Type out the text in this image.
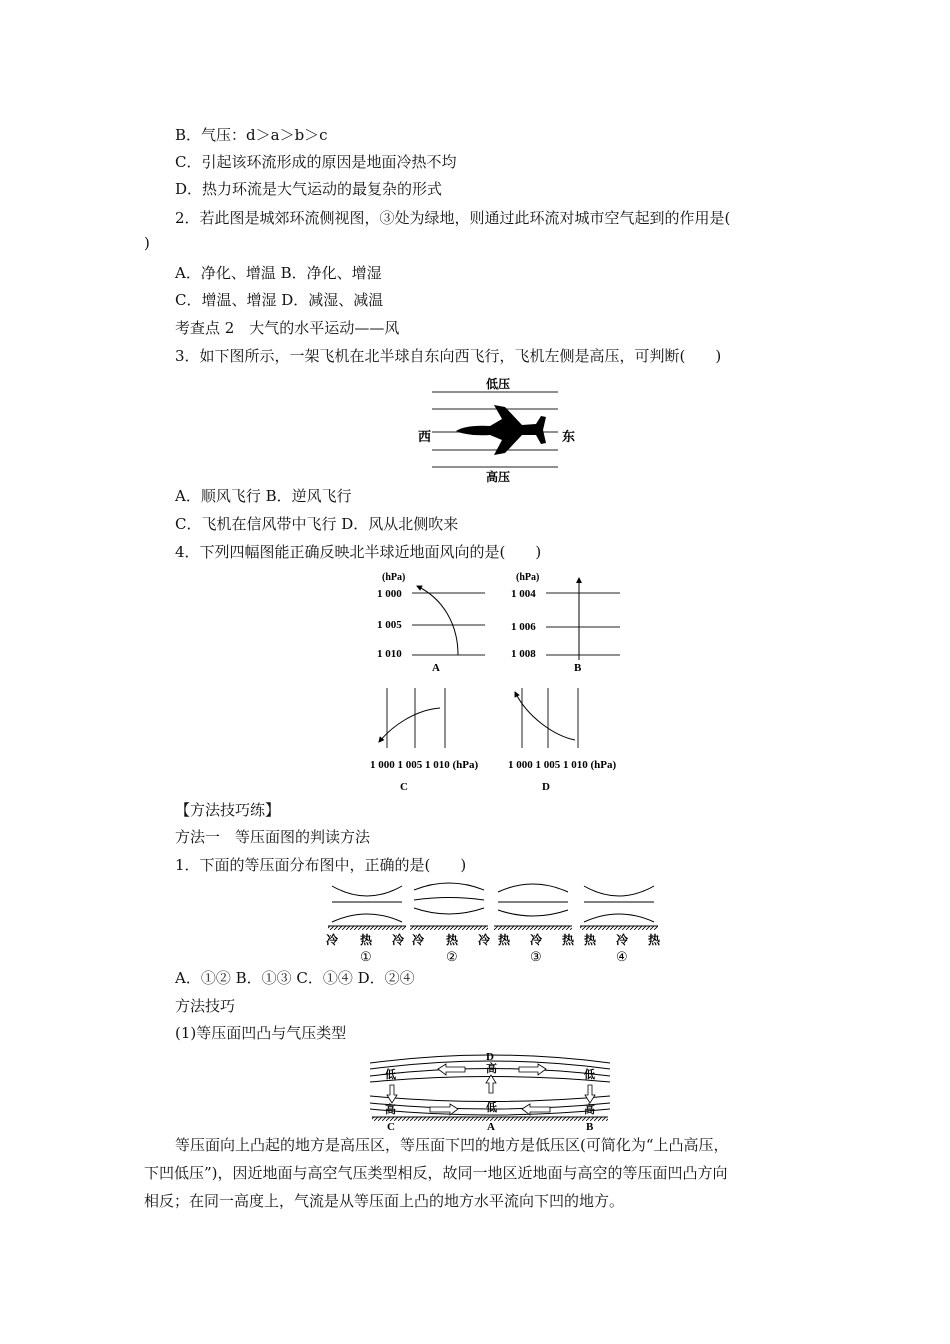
B．气压：d＞a＞b＞c
C．引起该环流形成的原因是地面冷热不均
D．热力环流是大气运动的最复杂的形式
2．若此图是城郊环流侧视图，③处为绿地，则通过此环流对城市空气起到的作用是(
)
A．净化、增温 B．净化、增湿
C．增温、增湿 D．减湿、减温
考查点 2　大气的水平运动——风
3．如下图所示，一架飞机在北半球自东向西飞行，飞机左侧是高压，可判断(　　)
A．顺风飞行 B．逆风飞行
C．飞机在信风带中飞行 D．风从北侧吹来
4．下列四幅图能正确反映北半球近地面风向的是(　　)
【方法技巧练】
方法一　等压面图的判读方法
1．下面的等压面分布图中，正确的是(　　)
A．①② B．①③ C．①④ D．②④
方法技巧
(1)等压面凹凸与气压类型
等压面向上凸起的地方是高压区，等压面下凹的地方是低压区(可简化为“上凸高压，
下凹低压”)，因近地面与高空气压类型相反，故同一地区近地面与高空的等压面凹凸方向
相反；在同一高度上，气流是从等压面上凸的地方水平流向下凹的地方。
低压
西	东
高压
(hPa)
1 000
1 005
1 010
A
(hPa)
1 004
1 006
1 008
B
1 000 1 005 1 010 (hPa)
C
1 000 1 005 1 010 (hPa)
D
冷 热 冷 冷 热 冷 热 冷 热 热 冷 热
①	②	③	④
D
高
低	低
高	低	高
C	A	B
